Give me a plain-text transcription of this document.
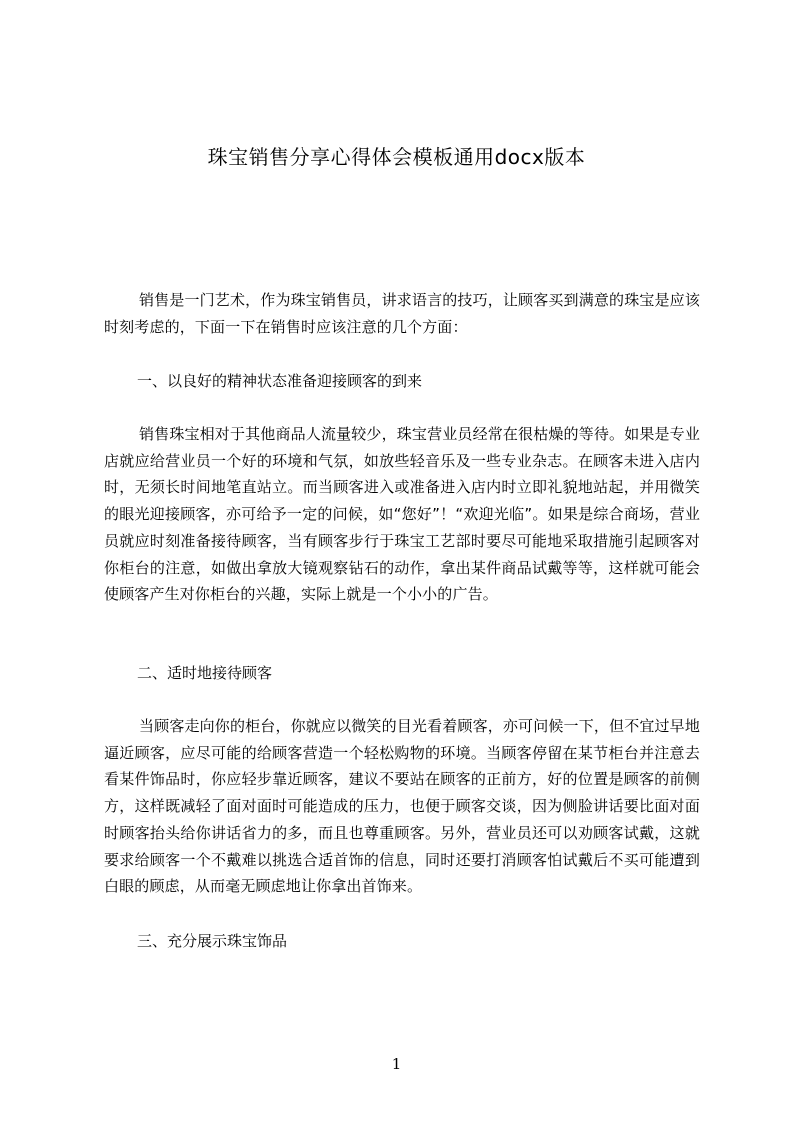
珠宝销售分享心得体会模板通用docx版本

销售是一门艺术，作为珠宝销售员，讲求语言的技巧，让顾客买到满意的珠宝是应该时刻考虑的，下面一下在销售时应该注意的几个方面：

一、以良好的精神状态准备迎接顾客的到来

销售珠宝相对于其他商品人流量较少，珠宝营业员经常在很枯燥的等待。如果是专业店就应给营业员一个好的环境和气氛，如放些轻音乐及一些专业杂志。在顾客未进入店内时，无须长时间地笔直站立。而当顾客进入或准备进入店内时立即礼貌地站起，并用微笑的眼光迎接顾客，亦可给予一定的问候，如“您好”！“欢迎光临”。如果是综合商场，营业员就应时刻准备接待顾客，当有顾客步行于珠宝工艺部时要尽可能地采取措施引起顾客对你柜台的注意，如做出拿放大镜观察钻石的动作，拿出某件商品试戴等等，这样就可能会使顾客产生对你柜台的兴趣，实际上就是一个小小的广告。

二、适时地接待顾客

当顾客走向你的柜台，你就应以微笑的目光看着顾客，亦可问候一下，但不宜过早地逼近顾客，应尽可能的给顾客营造一个轻松购物的环境。当顾客停留在某节柜台并注意去看某件饰品时，你应轻步靠近顾客，建议不要站在顾客的正前方，好的位置是顾客的前侧方，这样既减轻了面对面时可能造成的压力，也便于顾客交谈，因为侧脸讲话要比面对面时顾客抬头给你讲话省力的多，而且也尊重顾客。另外，营业员还可以劝顾客试戴，这就要求给顾客一个不戴难以挑选合适首饰的信息，同时还要打消顾客怕试戴后不买可能遭到白眼的顾虑，从而毫无顾虑地让你拿出首饰来。

三、充分展示珠宝饰品

1
